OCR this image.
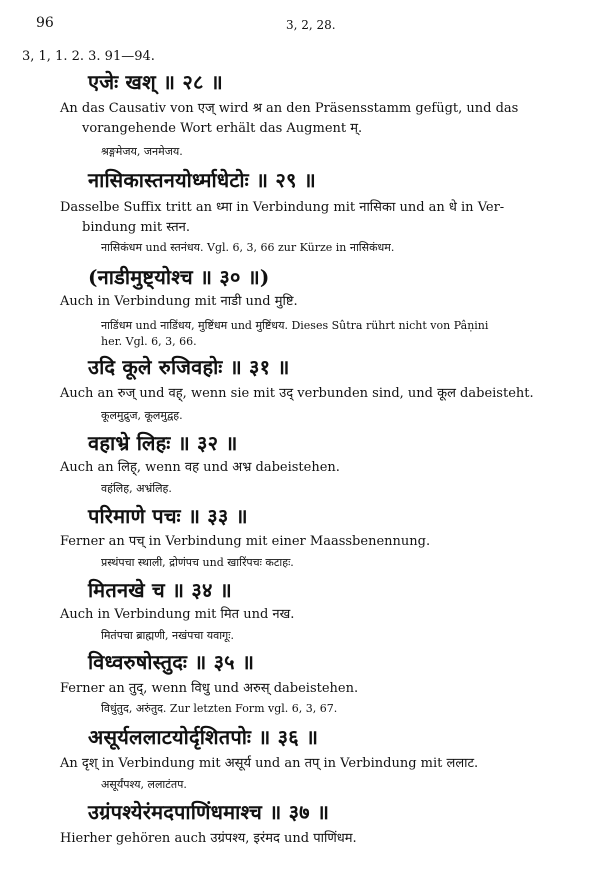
96	3, 2, 28.
3, 1, 1. 2. 3. 91—94.
एजेः खश् ॥ २८ ॥
An das Causativ von एज् wird श्र an den Präsensstamm gefügt, und das
vorangehende Wort erhält das Augment म्.
श्रङ्गमेजय, जनमेजय.
नासिकास्तनयोर्ध्माधेटोः ॥ २९ ॥
Dasselbe Suffix tritt an ध्मा in Verbindung mit नासिका und an धे in Ver-
bindung mit स्तन.
नासिकंधम und स्तनंधय. Vgl. 6, 3, 66 zur Kürze in नासिकंधम.
(नाडीमुष्ट्योश्च ॥ ३० ॥)
Auch in Verbindung mit नाडी und मुष्टि.
नाडिंधम und नाडिंधय, मुष्टिंधम und मुष्टिंधय. Dieses Sûtra rührt nicht von Pâṇini
her. Vgl. 6, 3, 66.
उदि कूले रुजिवहोः ॥ ३१ ॥
Auch an रुज् und वह्, wenn sie mit उद् verbunden sind, und कूल dabeisteht.
कूलमुद्रुज, कूलमुद्वह.
वहाभ्रे लिहः ॥ ३२ ॥
Auch an लिह्, wenn वह und अभ्र dabeistehen.
वहंलिह, अभ्रंलिह.
परिमाणे पचः ॥ ३३ ॥
Ferner an पच् in Verbindung mit einer Maassbenennung.
प्रस्थंपचा स्थाली, द्रोणंपच und खारिंपचः कटाहः.
मितनखे च ॥ ३४ ॥
Auch in Verbindung mit मित und नख.
मितंपचा ब्राह्मणी, नखंपचा यवागूः.
विध्वरुषोस्तुदः ॥ ३५ ॥
Ferner an तुद्, wenn विधु und अरुस् dabeistehen.
विधुंतुद, अरुंतुद. Zur letzten Form vgl. 6, 3, 67.
असूर्यललाटयोर्दृशितपोः ॥ ३६ ॥
An दृश् in Verbindung mit असूर्य und an तप् in Verbindung mit ललाट.
असूर्यंपश्य, ललाटंतप.
उग्रंपश्येरंमदपाणिंधमाश्च ॥ ३७ ॥
Hierher gehören auch उग्रंपश्य, इरंमद und पाणिंधम.
